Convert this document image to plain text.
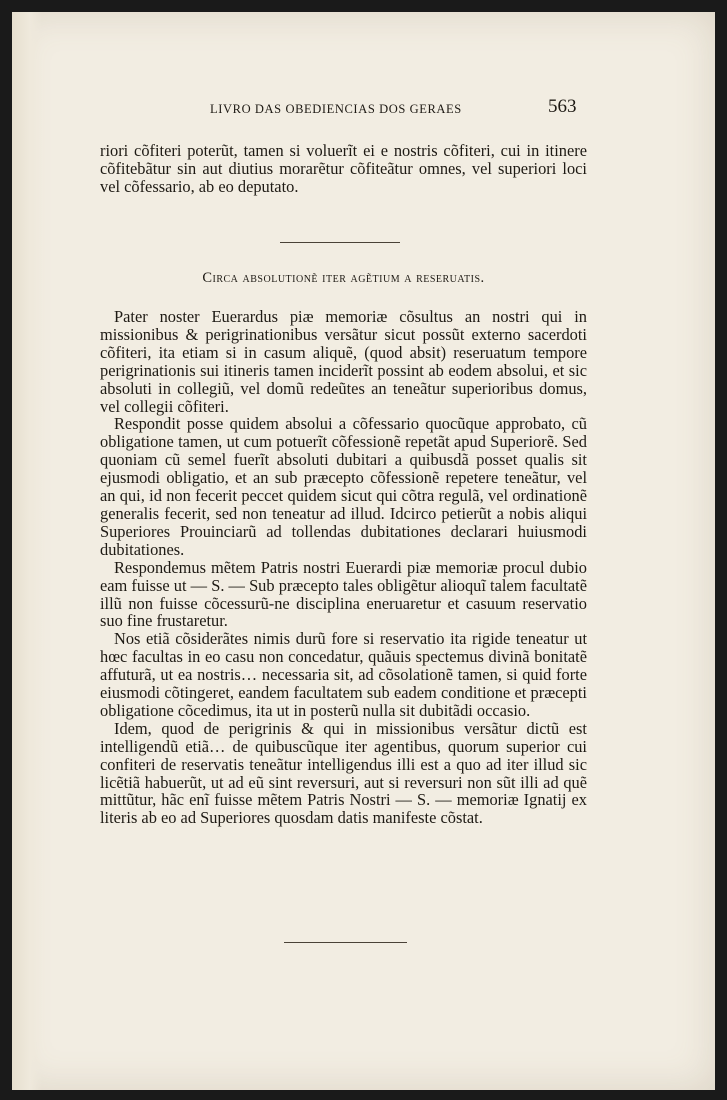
LIVRO DAS OBEDIENCIAS DOS GERAES	563

riori cõfiteri poterũt, tamen si voluerĩt ei e nostris cõfiteri, cui in itinere cõfitebãtur sin aut diutius morarẽtur cõfiteãtur omnes, vel superiori loci vel cõfessario, ab eo deputato.

Circa absolutionẽ iter agẽtium a reseruatis.

Pater noster Euerardus piæ memoriæ cõsultus an nostri qui in missionibus & perigrinationibus versãtur sicut possũt externo sacerdoti cõfiteri, ita etiam si in casum aliquẽ, (quod absit) reseruatum tempore perigrinationis sui itineris tamen inciderĩt possint ab eodem absolui, et sic absoluti in collegiũ, vel domũ redeũtes an teneãtur superioribus domus, vel collegii cõfiteri.

Respondit posse quidem absolui a cõfessario quocũque approbato, cũ obligatione tamen, ut cum potuerĩt cõfessionẽ repetãt apud Superiorẽ. Sed quoniam cũ semel fuerĩt absoluti dubitari a quibusdã posset qualis sit ejusmodi obligatio, et an sub præcepto cõfessionẽ repetere teneãtur, vel an qui, id non fecerit peccet quidem sicut qui cõtra regulã, vel ordinationẽ generalis fecerit, sed non teneatur ad illud. Idcirco petierũt a nobis aliqui Superiores Prouinciarũ ad tollendas dubitationes declarari huiusmodi dubitationes.

Respondemus mẽtem Patris nostri Euerardi piæ memoriæ procul dubio eam fuisse ut — S. — Sub præcepto tales obligẽtur alioquĩ talem facultatẽ illũ non fuisse cõcessurũ-ne disciplina eneruaretur et casuum reservatio suo fine frustaretur.

Nos etiã cõsiderãtes nimis durũ fore si reservatio ita rigide teneatur ut hœc facultas in eo casu non concedatur, quãuis spectemus divinã bonitatẽ affuturã, ut ea nostris… necessaria sit, ad cõsolationẽ tamen, si quid forte eiusmodi cõtingeret, eandem facultatem sub eadem conditione et præcepti obligatione cõcedimus, ita ut in posterũ nulla sit dubitãdi occasio.

Idem, quod de perigrinis & qui in missionibus versãtur dictũ est intelligendũ etiã… de quibuscũque iter agentibus, quorum superior cui confiteri de reservatis teneãtur intelligendus illi est a quo ad iter illud sic licẽtiã habuerũt, ut ad eũ sint reversuri, aut si reversuri non sũt illi ad quẽ mittũtur, hãc enĩ fuisse mẽtem Patris Nostri — S. — memoriæ Ignatij ex literis ab eo ad Superiores quosdam datis manifeste cõstat.
